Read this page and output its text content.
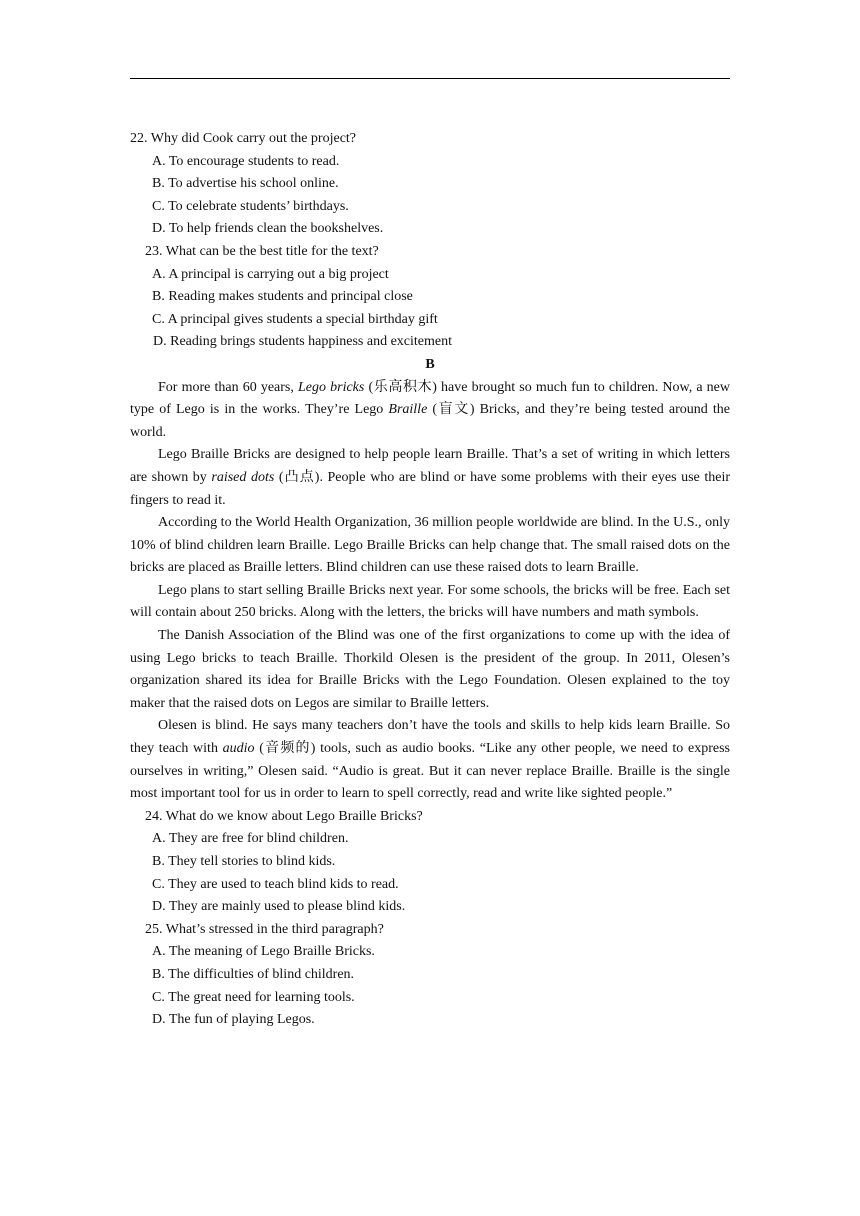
22. Why did Cook carry out the project?
A. To encourage students to read.
B. To advertise his school online.
C. To celebrate students’ birthdays.
D. To help friends clean the bookshelves.
23. What can be the best title for the text?
A. A principal is carrying out a big project
B. Reading makes students and principal close
C. A principal gives students a special birthday gift
D. Reading brings students happiness and excitement
B

For more than 60 years, Lego bricks (乐高积木) have brought so much fun to children. Now, a new type of Lego is in the works. They’re Lego Braille (盲文) Bricks, and they’re being tested around the world.

Lego Braille Bricks are designed to help people learn Braille. That’s a set of writing in which letters are shown by raised dots (凸点). People who are blind or have some problems with their eyes use their fingers to read it.

According to the World Health Organization, 36 million people worldwide are blind. In the U.S., only 10% of blind children learn Braille. Lego Braille Bricks can help change that. The small raised dots on the bricks are placed as Braille letters. Blind children can use these raised dots to learn Braille.

Lego plans to start selling Braille Bricks next year. For some schools, the bricks will be free. Each set will contain about 250 bricks. Along with the letters, the bricks will have numbers and math symbols.

The Danish Association of the Blind was one of the first organizations to come up with the idea of using Lego bricks to teach Braille. Thorkild Olesen is the president of the group. In 2011, Olesen’s organization shared its idea for Braille Bricks with the Lego Foundation. Olesen explained to the toy maker that the raised dots on Legos are similar to Braille letters.

Olesen is blind. He says many teachers don’t have the tools and skills to help kids learn Braille. So they teach with audio (音频的) tools, such as audio books. “Like any other people, we need to express ourselves in writing,” Olesen said. “Audio is great. But it can never replace Braille. Braille is the single most important tool for us in order to learn to spell correctly, read and write like sighted people.”

24. What do we know about Lego Braille Bricks?
A. They are free for blind children.
B. They tell stories to blind kids.
C. They are used to teach blind kids to read.
D. They are mainly used to please blind kids.
25. What’s stressed in the third paragraph?
A. The meaning of Lego Braille Bricks.
B. The difficulties of blind children.
C. The great need for learning tools.
D. The fun of playing Legos.
